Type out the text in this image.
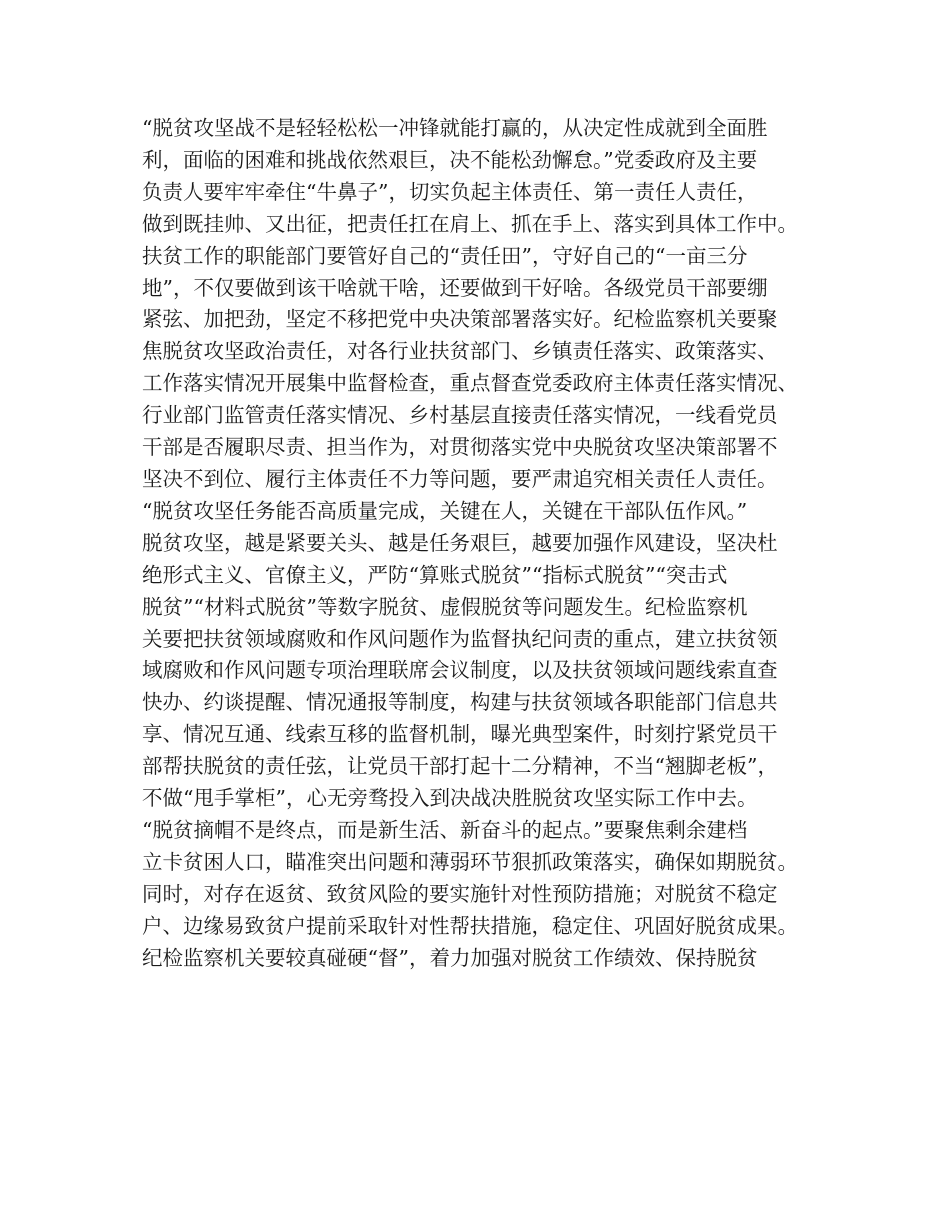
“脱贫攻坚战不是轻轻松松一冲锋就能打赢的，从决定性成就到全面胜
利，面临的困难和挑战依然艰巨，决不能松劲懈怠。”党委政府及主要
负责人要牢牢牵住“牛鼻子”，切实负起主体责任、第一责任人责任，
做到既挂帅、又出征，把责任扛在肩上、抓在手上、落实到具体工作中。
扶贫工作的职能部门要管好自己的“责任田”，守好自己的“一亩三分
地”，不仅要做到该干啥就干啥，还要做到干好啥。各级党员干部要绷
紧弦、加把劲，坚定不移把党中央决策部署落实好。纪检监察机关要聚
焦脱贫攻坚政治责任，对各行业扶贫部门、乡镇责任落实、政策落实、
工作落实情况开展集中监督检查，重点督查党委政府主体责任落实情况、
行业部门监管责任落实情况、乡村基层直接责任落实情况，一线看党员
干部是否履职尽责、担当作为，对贯彻落实党中央脱贫攻坚决策部署不
坚决不到位、履行主体责任不力等问题，要严肃追究相关责任人责任。
“脱贫攻坚任务能否高质量完成，关键在人，关键在干部队伍作风。”
脱贫攻坚，越是紧要关头、越是任务艰巨，越要加强作风建设，坚决杜
绝形式主义、官僚主义，严防“算账式脱贫”“指标式脱贫”“突击式
脱贫”“材料式脱贫”等数字脱贫、虚假脱贫等问题发生。纪检监察机
关要把扶贫领域腐败和作风问题作为监督执纪问责的重点，建立扶贫领
域腐败和作风问题专项治理联席会议制度，以及扶贫领域问题线索直查
快办、约谈提醒、情况通报等制度，构建与扶贫领域各职能部门信息共
享、情况互通、线索互移的监督机制，曝光典型案件，时刻拧紧党员干
部帮扶脱贫的责任弦，让党员干部打起十二分精神，不当“翘脚老板”，
不做“甩手掌柜”，心无旁骛投入到决战决胜脱贫攻坚实际工作中去。
“脱贫摘帽不是终点，而是新生活、新奋斗的起点。”要聚焦剩余建档
立卡贫困人口，瞄准突出问题和薄弱环节狠抓政策落实，确保如期脱贫。
同时，对存在返贫、致贫风险的要实施针对性预防措施；对脱贫不稳定
户、边缘易致贫户提前采取针对性帮扶措施，稳定住、巩固好脱贫成果。
纪检监察机关要较真碰硬“督”，着力加强对脱贫工作绩效、保持脱贫
